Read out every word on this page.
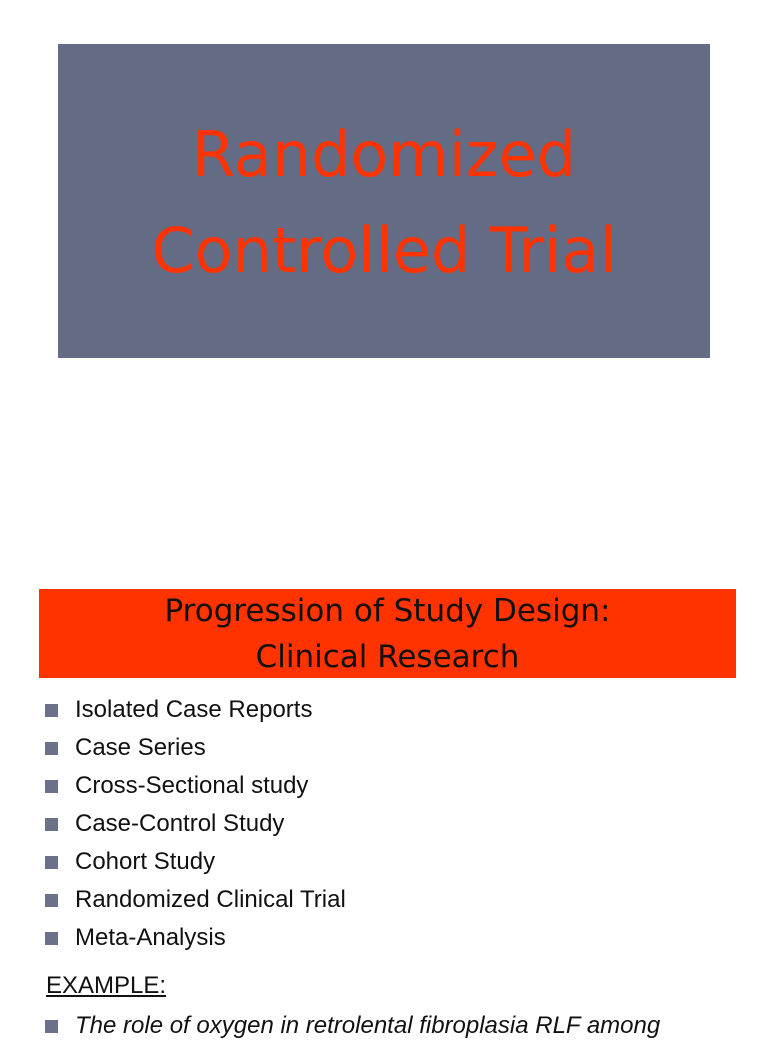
Randomized
Controlled Trial
Progression of Study Design:
Clinical Research
Isolated Case Reports
Case Series
Cross-Sectional study
Case-Control Study
Cohort Study
Randomized Clinical Trial
Meta-Analysis
EXAMPLE:
The role of oxygen in retrolental fibroplasia RLF among
